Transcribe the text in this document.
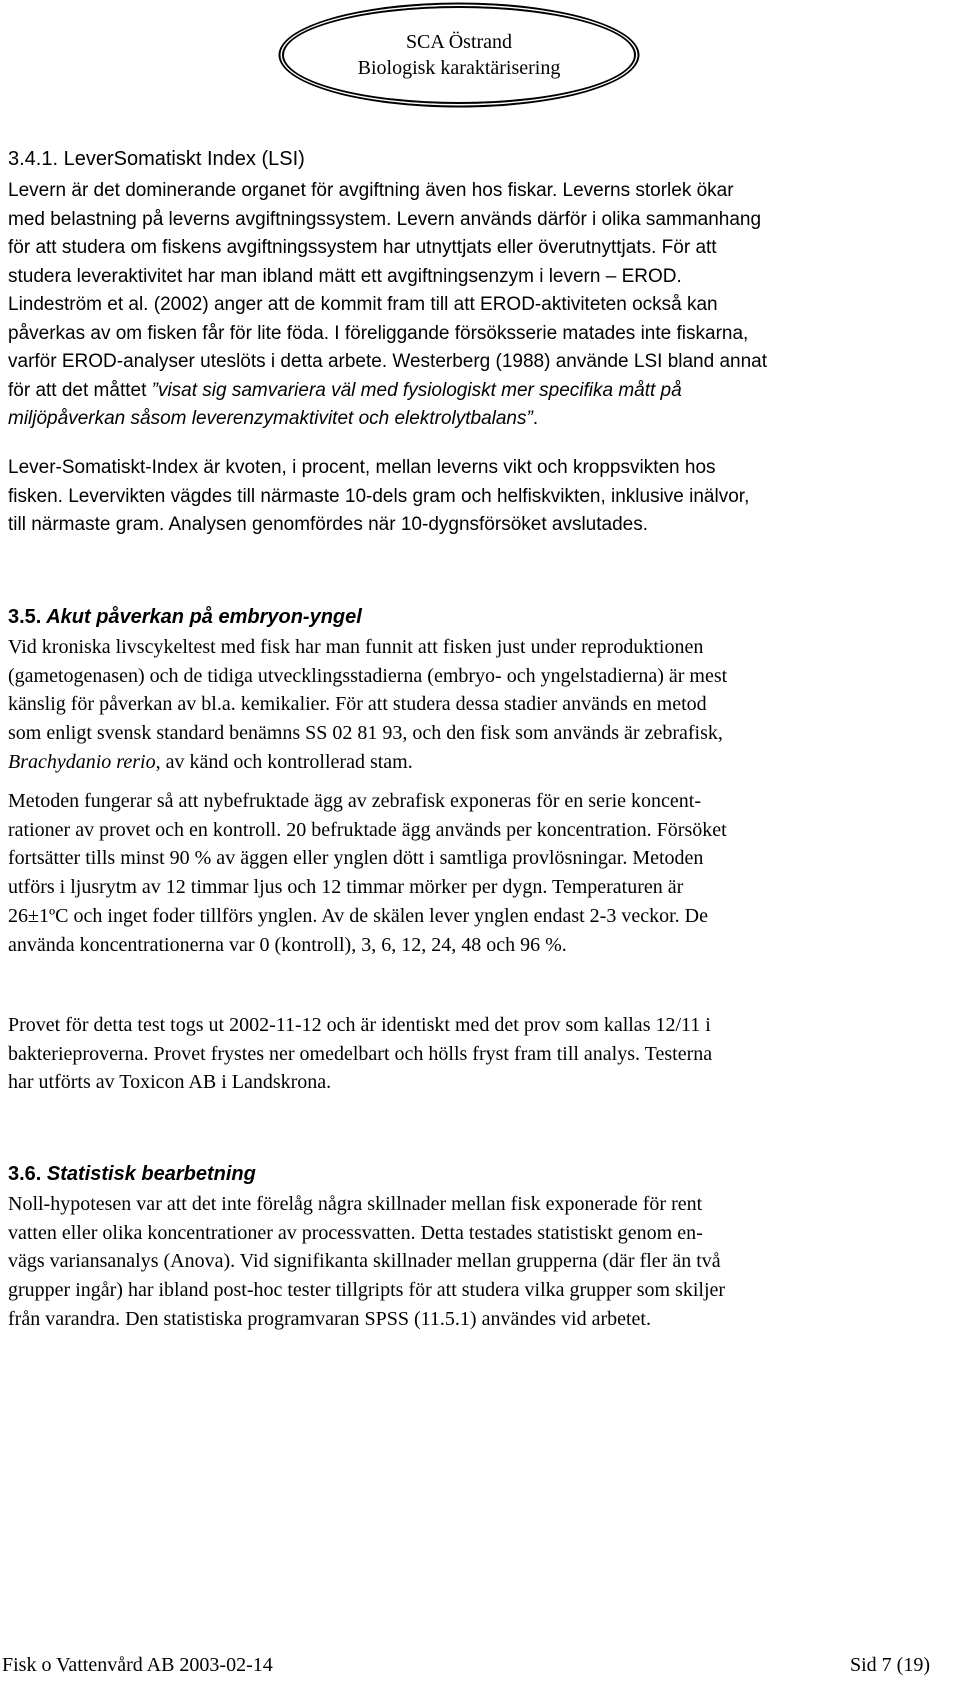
SCA Östrand
Biologisk karaktärisering
3.4.1. LeverSomatiskt Index (LSI)
Levern är det dominerande organet för avgiftning även hos fiskar. Leverns storlek ökar
med belastning på leverns avgiftningssystem. Levern används därför i olika sammanhang
för att studera om fiskens avgiftningssystem har utnyttjats eller överutnyttjats. För att
studera leveraktivitet har man ibland mätt ett avgiftningsenzym i levern – EROD.
Lindeström et al. (2002) anger att de kommit fram till att EROD-aktiviteten också kan
påverkas av om fisken får för lite föda. I föreliggande försöksserie matades inte fiskarna,
varför EROD-analyser uteslöts i detta arbete. Westerberg (1988) använde LSI bland annat
för att det måttet ”visat sig samvariera väl med fysiologiskt mer specifika mått på
miljöpåverkan såsom leverenzymaktivitet och elektrolytbalans”.
Lever-Somatiskt-Index är kvoten, i procent, mellan leverns vikt och kroppsvikten hos
fisken. Levervikten vägdes till närmaste 10-dels gram och helfiskvikten, inklusive inälvor,
till närmaste gram. Analysen genomfördes när 10-dygnsförsöket avslutades.
3.5. Akut påverkan på embryon-yngel
Vid kroniska livscykeltest med fisk har man funnit att fisken just under reproduktionen
(gametogenasen) och de tidiga utvecklingsstadierna (embryo- och yngelstadierna) är mest
känslig för påverkan av bl.a. kemikalier. För att studera dessa stadier används en metod
som enligt svensk standard benämns SS 02 81 93, och den fisk som används är zebrafisk,
Brachydanio rerio, av känd och kontrollerad stam.
Metoden fungerar så att nybefruktade ägg av zebrafisk exponeras för en serie koncent-
rationer av provet och en kontroll. 20 befruktade ägg används per koncentration. Försöket
fortsätter tills minst 90 % av äggen eller ynglen dött i samtliga provlösningar. Metoden
utförs i ljusrytm av 12 timmar ljus och 12 timmar mörker per dygn. Temperaturen är
26±1ºC och inget foder tillförs ynglen. Av de skälen lever ynglen endast 2-3 veckor. De
använda koncentrationerna var 0 (kontroll), 3, 6, 12, 24, 48 och 96 %.
Provet för detta test togs ut 2002-11-12 och är identiskt med det prov som kallas 12/11 i
bakterieproverna. Provet frystes ner omedelbart och hölls fryst fram till analys. Testerna
har utförts av Toxicon AB i Landskrona.
3.6. Statistisk bearbetning
Noll-hypotesen var att det inte förelåg några skillnader mellan fisk exponerade för rent
vatten eller olika koncentrationer av processvatten. Detta testades statistiskt genom en-
vägs variansanalys (Anova). Vid signifikanta skillnader mellan grupperna (där fler än två
grupper ingår) har ibland post-hoc tester tillgripts för att studera vilka grupper som skiljer
från varandra. Den statistiska programvaran SPSS (11.5.1) användes vid arbetet.
Fisk o Vattenvård AB 2003-02-14	Sid 7 (19)
